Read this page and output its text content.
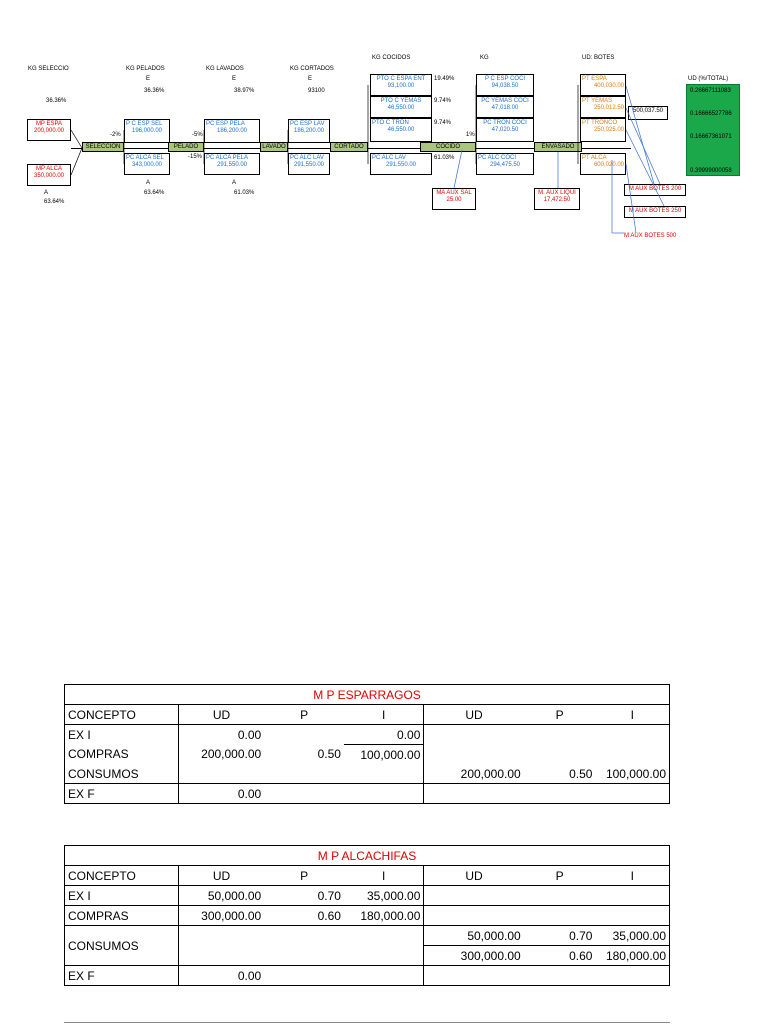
KG SELECCIO	KG PELADOS	KG LAVADOS	KG CORTADOS
KG COCIDOS	KG	UD: BOTES
UD (%/TOTAL)
E
36.36%
E
38.97%
E
93100
36.36%
A
63.64%
A
63.64%
A
61.03%
MP ESPA
200,000.00
MP ALCA
350,000.00
SELECCIÓN	PELADO	LAVADO	CORTADO	COCIDO	ENVASADO
-2%	-5%
-15%
1%
P C ESP SEL
196,000.00
PC ALCA SEL
343,000.00
PC ESP PELA
186,200.00
PC ALCA PELA
291,550.00
PC ESP LAV
186,200.00
PC ALC LAV
291,550.00
PTO C ESPA ENT
93,100.00
19.49%
PTO C YEMAS
46,550.00
9.74%
PTO C TRON
46,550.00
9.74%
PC ALC LAV
291,550.00
61.03%
P C ESP COCI
94,038.50
PC YEMAS COCI
47,018.00
PC TRON COCI
47,020.50
PC ALC COCI
294,475.50
MA AUX SAL
25.00
M. AUX LIQUI
17,472.50
PT ESPA
400,030.00
PT YEMAS
250,012.50
PT TRONCO
250,025.00
PT ALCA
600,020.00
500,037.50
M AUX BOTES 200
M AUX BOTES 250
M AUX BOTES 500
0.26667111083
0.16666527786
0.16667361071
0.39999000058
M P ESPARRAGOS						
CONCEPTO	UD	P	I	UD	P	I
EX I	0.00		0.00			
COMPRAS	200,000.00	0.50	100,000.00			
CONSUMOS				200,000.00	0.50	100,000.00
EX F	0.00					
M P ALCACHIFAS						
CONCEPTO	UD	P	I	UD	P	I
EX I	50,000.00	0.70	35,000.00			
COMPRAS	300,000.00	0.60	180,000.00			
CONSUMOS				50,000.00	0.70	35,000.00
				300,000.00	0.60	180,000.00
EX F	0.00					
